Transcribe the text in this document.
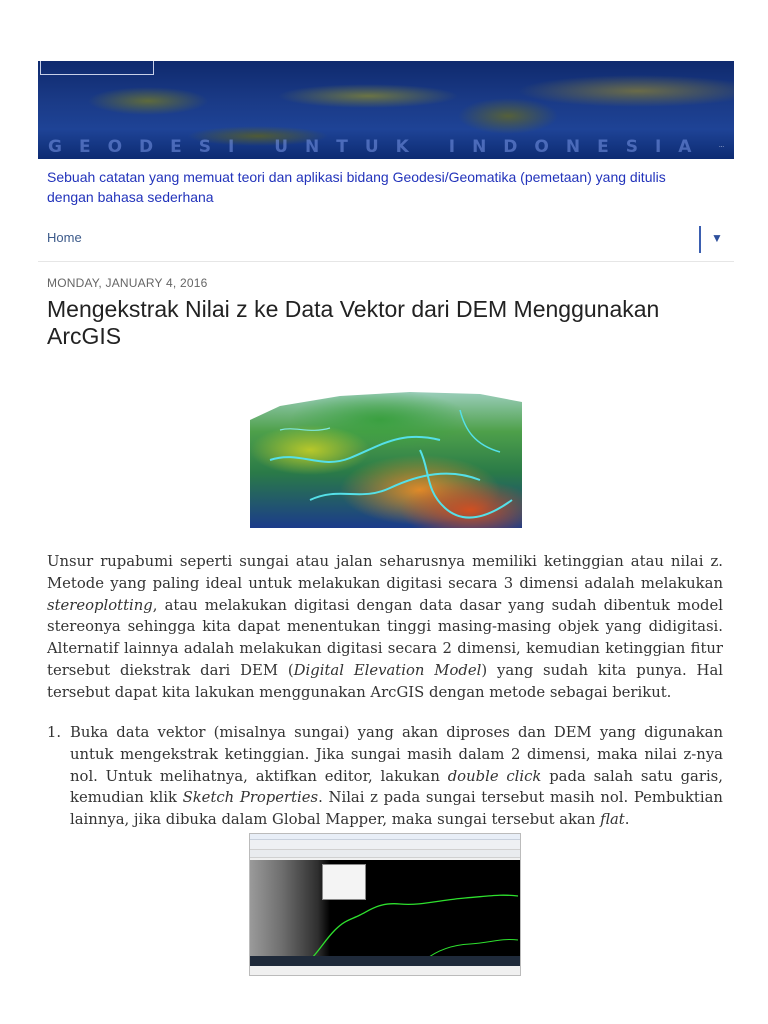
GEODESI UNTUK INDONESIA	...
Sebuah catatan yang memuat teori dan aplikasi bidang Geodesi/Geomatika (pemetaan) yang ditulis dengan bahasa sederhana
Home	▼
MONDAY, JANUARY 4, 2016
Mengekstrak Nilai z ke Data Vektor dari DEM Menggunakan ArcGIS

Unsur rupabumi seperti sungai atau jalan seharusnya memiliki ketinggian atau nilai z. Metode yang paling ideal untuk melakukan digitasi secara 3 dimensi adalah melakukan stereoplotting, atau melakukan digitasi dengan data dasar yang sudah dibentuk model stereonya sehingga kita dapat menentukan tinggi masing-masing objek yang didigitasi. Alternatif lainnya adalah melakukan digitasi secara 2 dimensi, kemudian ketinggian fitur tersebut diekstrak dari DEM (Digital Elevation Model) yang sudah kita punya. Hal tersebut dapat kita lakukan menggunakan ArcGIS dengan metode sebagai berikut.

1. Buka data vektor (misalnya sungai) yang akan diproses dan DEM yang digunakan untuk mengekstrak ketinggian. Jika sungai masih dalam 2 dimensi, maka nilai z-nya nol. Untuk melihatnya, aktifkan editor, lakukan double click pada salah satu garis, kemudian klik Sketch Properties. Nilai z pada sungai tersebut masih nol. Pembuktian lainnya, jika dibuka dalam Global Mapper, maka sungai tersebut akan flat.
